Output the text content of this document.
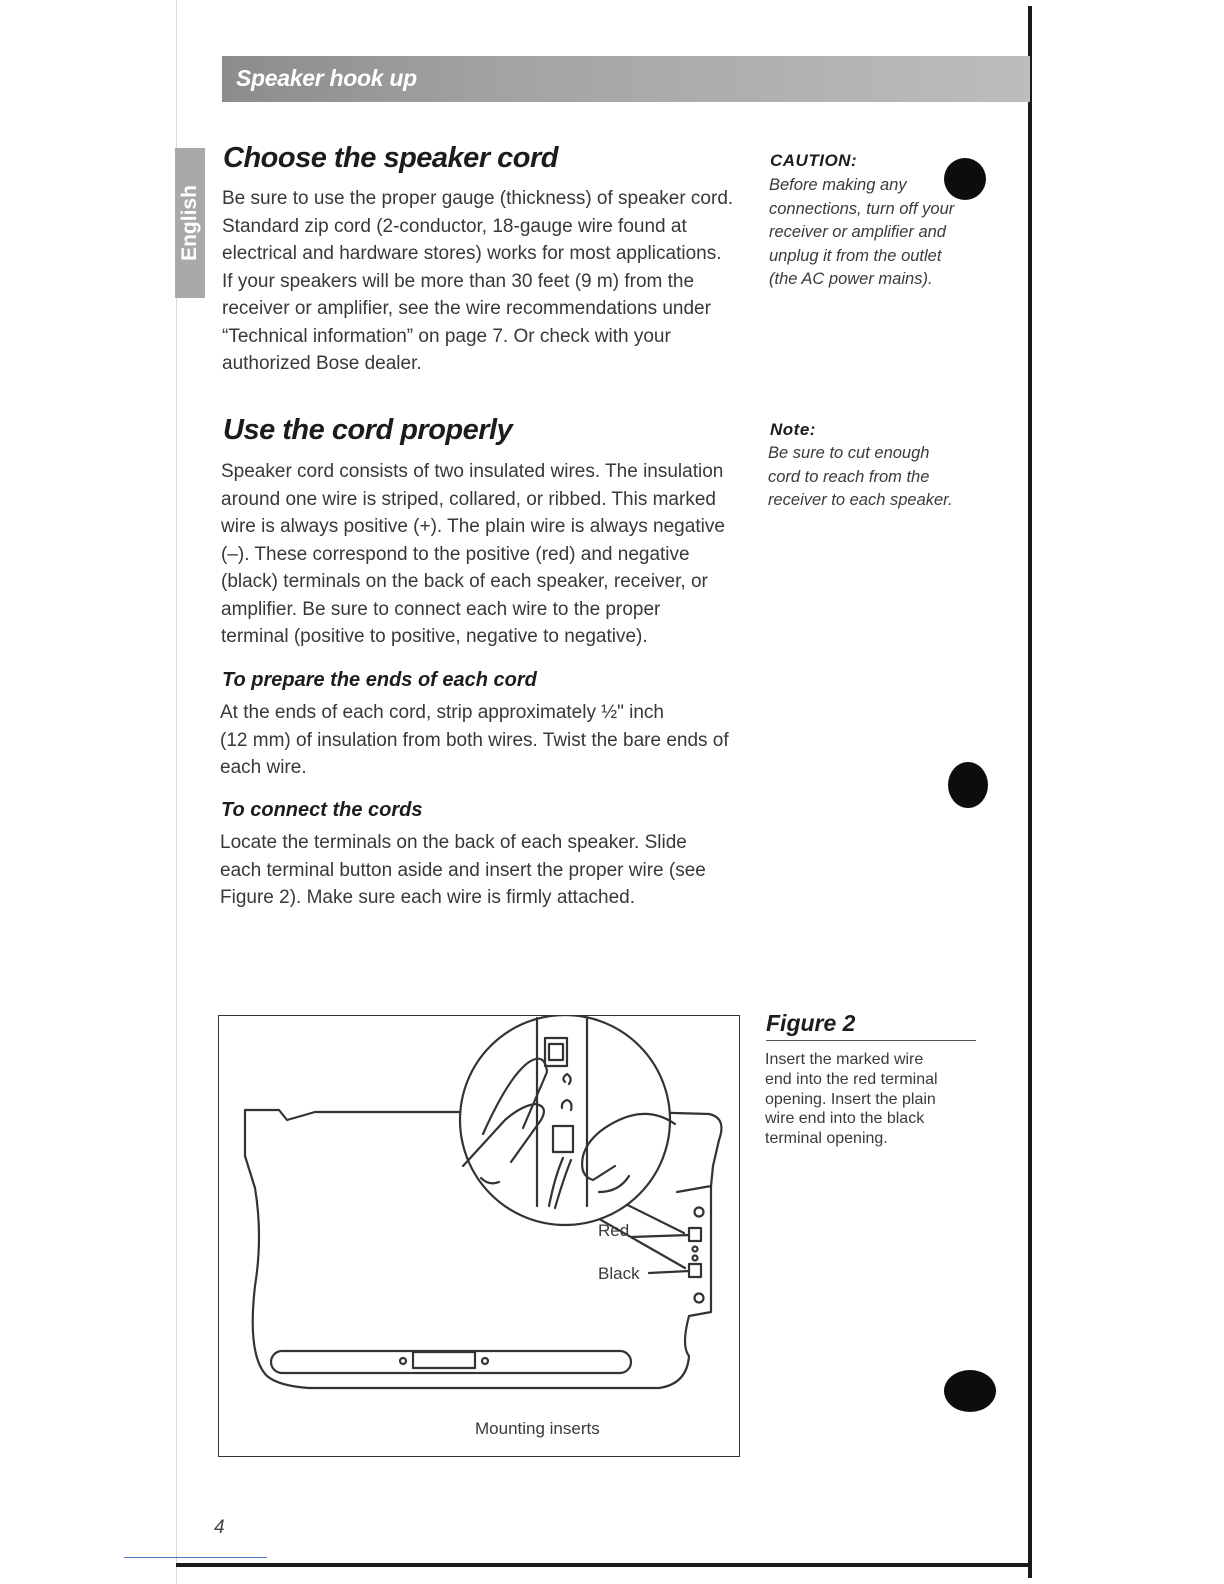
Speaker hook up
English
Choose the speaker cord
Be sure to use the proper gauge (thickness) of speaker cord.
Standard zip cord (2-conductor, 18-gauge wire found at
electrical and hardware stores) works for most applications.
If your speakers will be more than 30 feet (9 m) from the
receiver or amplifier, see the wire recommendations under
“Technical information” on page 7. Or check with your
authorized Bose dealer.

CAUTION:

Before making any
connections, turn off your
receiver or amplifier and
unplug it from the outlet
(the AC power mains).
Use the cord properly
Speaker cord consists of two insulated wires. The insulation
around one wire is striped, collared, or ribbed. This marked
wire is always positive (+). The plain wire is always negative
(–). These correspond to the positive (red) and negative
(black) terminals on the back of each speaker, receiver, or
amplifier. Be sure to connect each wire to the proper
terminal (positive to positive, negative to negative).

Note:

Be sure to cut enough
cord to reach from the
receiver to each speaker.
To prepare the ends of each cord
At the ends of each cord, strip approximately ½" inch
(12 mm) of insulation from both wires. Twist the bare ends of
each wire.
To connect the cords
Locate the terminals on the back of each speaker. Slide
each terminal button aside and insert the proper wire (see
Figure 2). Make sure each wire is firmly attached.
Red
Black
Mounting inserts
Figure 2
Insert the marked wire
end into the red terminal
opening. Insert the plain
wire end into the black
terminal opening.
4
